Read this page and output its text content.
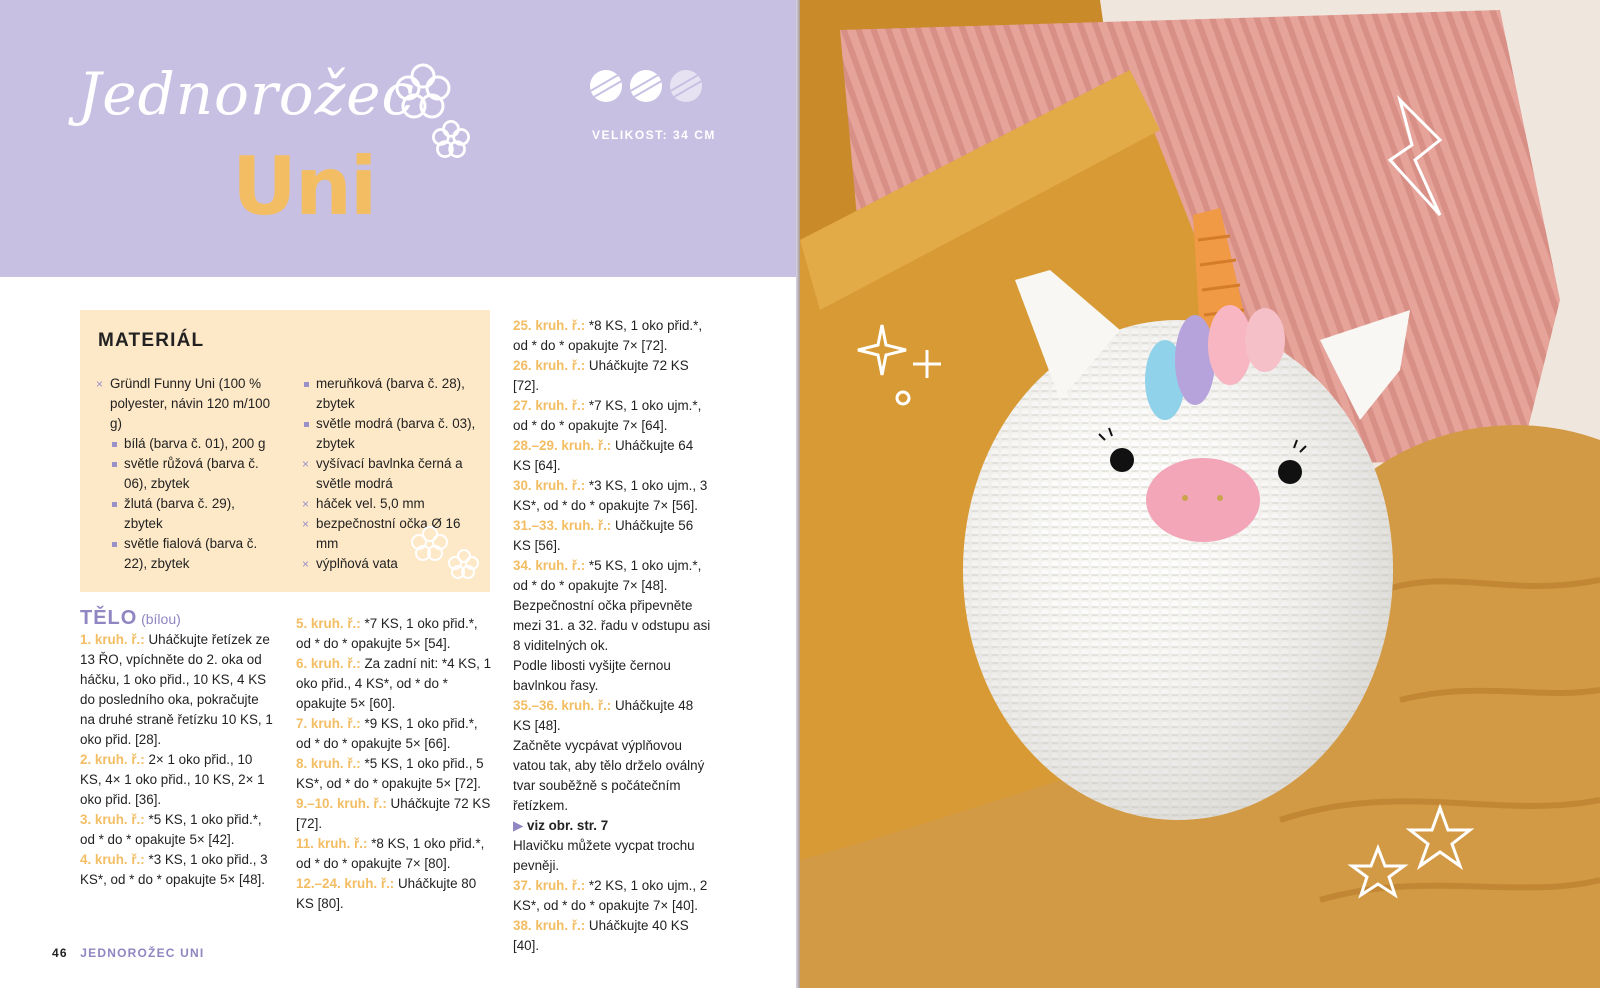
Jednorožec
Uni
VELIKOST: 34 CM
MATERIÁL
× Gründl Funny Uni (100 % polyester, návin 120 m/100 g)
bílá (barva č. 01), 200 g
světle růžová (barva č. 06), zbytek
žlutá (barva č. 29), zbytek
světle fialová (barva č. 22), zbytek
meruňková (barva č. 28), zbytek
světle modrá (barva č. 03), zbytek
× vyšívací bavlnka černá a světle modrá
× háček vel. 5,0 mm
× bezpečnostní očka Ø 16 mm
× výplňová vata

TĚLO (bílou)

1. kruh. ř.: Uháčkujte řetízek ze 13 ŘO, vpíchněte do 2. oka od háčku, 1 oko přid., 10 KS, 4 KS do posledního oka, pokračujte na druhé straně řetízku 10 KS, 1 oko přid. [28].

2. kruh. ř.: 2× 1 oko přid., 10 KS, 4× 1 oko přid., 10 KS, 2× 1 oko přid. [36].

3. kruh. ř.: *5 KS, 1 oko přid.*, od * do * opakujte 5× [42].

4. kruh. ř.: *3 KS, 1 oko přid., 3 KS*, od * do * opakujte 5× [48].

5. kruh. ř.: *7 KS, 1 oko přid.*, od * do * opakujte 5× [54].

6. kruh. ř.: Za zadní nit: *4 KS, 1 oko přid., 4 KS*, od * do * opakujte 5× [60].

7. kruh. ř.: *9 KS, 1 oko přid.*, od * do * opakujte 5× [66].

8. kruh. ř.: *5 KS, 1 oko přid., 5 KS*, od * do * opakujte 5× [72].

9.–10. kruh. ř.: Uháčkujte 72 KS [72].

11. kruh. ř.: *8 KS, 1 oko přid.*, od * do * opakujte 7× [80].

12.–24. kruh. ř.: Uháčkujte 80 KS [80].

25. kruh. ř.: *8 KS, 1 oko přid.*, od * do * opakujte 7× [72].

26. kruh. ř.: Uháčkujte 72 KS [72].

27. kruh. ř.: *7 KS, 1 oko ujm.*, od * do * opakujte 7× [64].

28.–29. kruh. ř.: Uháčkujte 64 KS [64].

30. kruh. ř.: *3 KS, 1 oko ujm., 3 KS*, od * do * opakujte 7× [56].

31.–33. kruh. ř.: Uháčkujte 56 KS [56].

34. kruh. ř.: *5 KS, 1 oko ujm.*, od * do * opakujte 7× [48].

Bezpečnostní očka připevněte mezi 31. a 32. řadu v odstupu asi 8 viditelných ok.

Podle libosti vyšijte černou bavlnkou řasy.

35.–36. kruh. ř.: Uháčkujte 48 KS [48].

Začněte vycpávat výplňovou vatou tak, aby tělo drželo oválný tvar souběžně s počátečním řetízkem.

▶ viz obr. str. 7

Hlavičku můžete vycpat trochu pevněji.

37. kruh. ř.: *2 KS, 1 oko ujm., 2 KS*, od * do * opakujte 7× [40].

38. kruh. ř.: Uháčkujte 40 KS [40].

46 JEDNOROŽEC UNI
